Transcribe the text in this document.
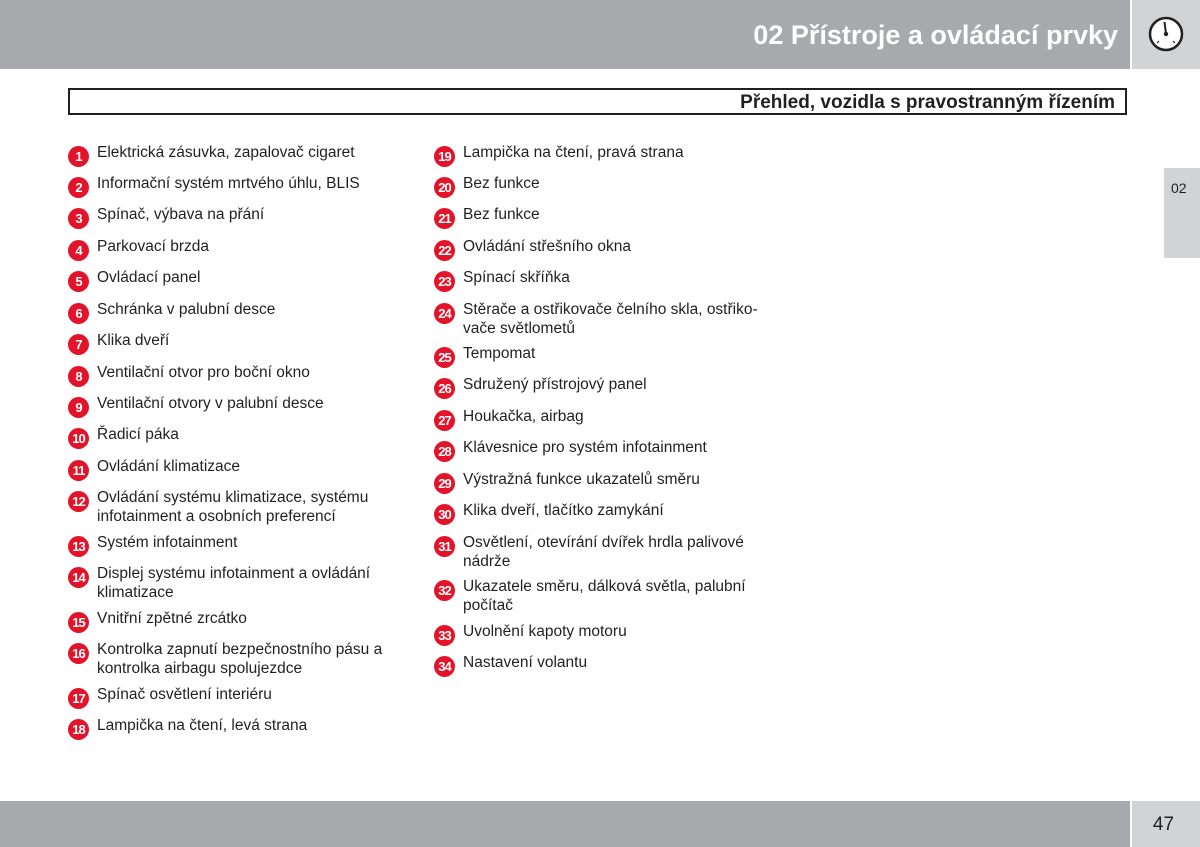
02 Přístroje a ovládací prvky
Přehled, vozidla s pravostranným řízením
02
1 Elektrická zásuvka, zapalovač cigaret
2 Informační systém mrtvého úhlu, BLIS
3 Spínač, výbava na přání
4 Parkovací brzda
5 Ovládací panel
6 Schránka v palubní desce
7 Klika dveří
8 Ventilační otvor pro boční okno
9 Ventilační otvory v palubní desce
10 Řadicí páka
11 Ovládání klimatizace
12 Ovládání systému klimatizace, systému infotainment a osobních preferencí
13 Systém infotainment
14 Displej systému infotainment a ovládání klimatizace
15 Vnitřní zpětné zrcátko
16 Kontrolka zapnutí bezpečnostního pásu a kontrolka airbagu spolujezdce
17 Spínač osvětlení interiéru
18 Lampička na čtení, levá strana
19 Lampička na čtení, pravá strana
20 Bez funkce
21 Bez funkce
22 Ovládání střešního okna
23 Spínací skříňka
24 Stěrače a ostřikovače čelního skla, ostřiko-vače světlometů
25 Tempomat
26 Sdružený přístrojový panel
27 Houkačka, airbag
28 Klávesnice pro systém infotainment
29 Výstražná funkce ukazatelů směru
30 Klika dveří, tlačítko zamykání
31 Osvětlení, otevírání dvířek hrdla palivové nádrže
32 Ukazatele směru, dálková světla, palubní počítač
33 Uvolnění kapoty motoru
34 Nastavení volantu
47
